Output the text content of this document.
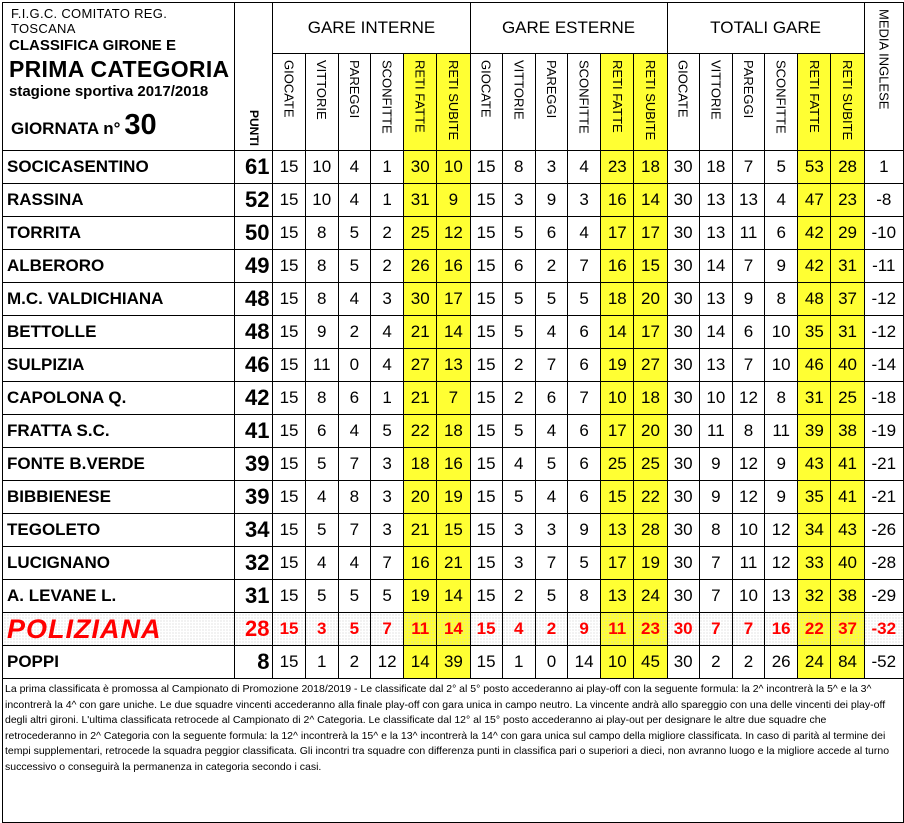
F.I.G.C. COMITATO REG. TOSCANA
CLASSIFICA GIRONE E
PRIMA CATEGORIA
stagione sportiva 2017/2018
GIORNATA n° 30	PUNTI	GARE INTERNE						GARE ESTERNE						TOTALI GARE						MEDIA INGLESE

		GIOCATE	VITTORIE	PAREGGI	SCONFITTE	RETI FATTE	RETI SUBITE	GIOCATE	VITTORIE	PAREGGI	SCONFITTE	RETI FATTE	RETI SUBITE	GIOCATE	VITTORIE	PAREGGI	SCONFITTE	RETI FATTE	RETI SUBITE	

SOCICASENTINO	61	15	10	4	1	30	10	15	8	3	4	23	18	30	18	7	5	53	28	1
RASSINA	52	15	10	4	1	31	9	15	3	9	3	16	14	30	13	13	4	47	23	-8
TORRITA	50	15	8	5	2	25	12	15	5	6	4	17	17	30	13	11	6	42	29	-10
ALBERORO	49	15	8	5	2	26	16	15	6	2	7	16	15	30	14	7	9	42	31	-11
M.C. VALDICHIANA	48	15	8	4	3	30	17	15	5	5	5	18	20	30	13	9	8	48	37	-12
BETTOLLE	48	15	9	2	4	21	14	15	5	4	6	14	17	30	14	6	10	35	31	-12
SULPIZIA	46	15	11	0	4	27	13	15	2	7	6	19	27	30	13	7	10	46	40	-14
CAPOLONA Q.	42	15	8	6	1	21	7	15	2	6	7	10	18	30	10	12	8	31	25	-18
FRATTA S.C.	41	15	6	4	5	22	18	15	5	4	6	17	20	30	11	8	11	39	38	-19
FONTE B.VERDE	39	15	5	7	3	18	16	15	4	5	6	25	25	30	9	12	9	43	41	-21
BIBBIENESE	39	15	4	8	3	20	19	15	5	4	6	15	22	30	9	12	9	35	41	-21
TEGOLETO	34	15	5	7	3	21	15	15	3	3	9	13	28	30	8	10	12	34	43	-26
LUCIGNANO	32	15	4	4	7	16	21	15	3	7	5	17	19	30	7	11	12	33	40	-28
A. LEVANE L.	31	15	5	5	5	19	14	15	2	5	8	13	24	30	7	10	13	32	38	-29
POLIZIANA	28	15	3	5	7	11	14	15	4	2	9	11	23	30	7	7	16	22	37	-32
POPPI	8	15	1	2	12	14	39	15	1	0	14	10	45	30	2	2	26	24	84	-52
La prima classificata è promossa al Campionato di Promozione 2018/2019 - Le classificate dal 2° al 5° posto accederanno ai play-off con la seguente formula: la 2^ incontrerà la 5^ e la 3^ incontrerà la 4^ con gare uniche. Le due squadre vincenti accederanno alla finale play-off con gara unica in campo neutro. La vincente andrà allo spareggio con una delle vincenti dei play-off degli altri gironi. L'ultima classificata retrocede al Campionato di 2^ Categoria. Le classificate dal 12° al 15° posto accederanno ai play-out per designare le altre due squadre che retrocederanno in 2^ Categoria con la seguente formula: la 12^ incontrerà la 15^ e la 13^ incontrerà la 14^ con gara unica sul campo della migliore classificata. In caso di parità al termine dei tempi supplementari, retrocede la squadra peggior classificata. Gli incontri tra squadre con differenza punti in classifica pari o superiori a dieci, non avranno luogo e la migliore accede al turno successivo o conseguirà la permanenza in categoria secondo i casi.																				
